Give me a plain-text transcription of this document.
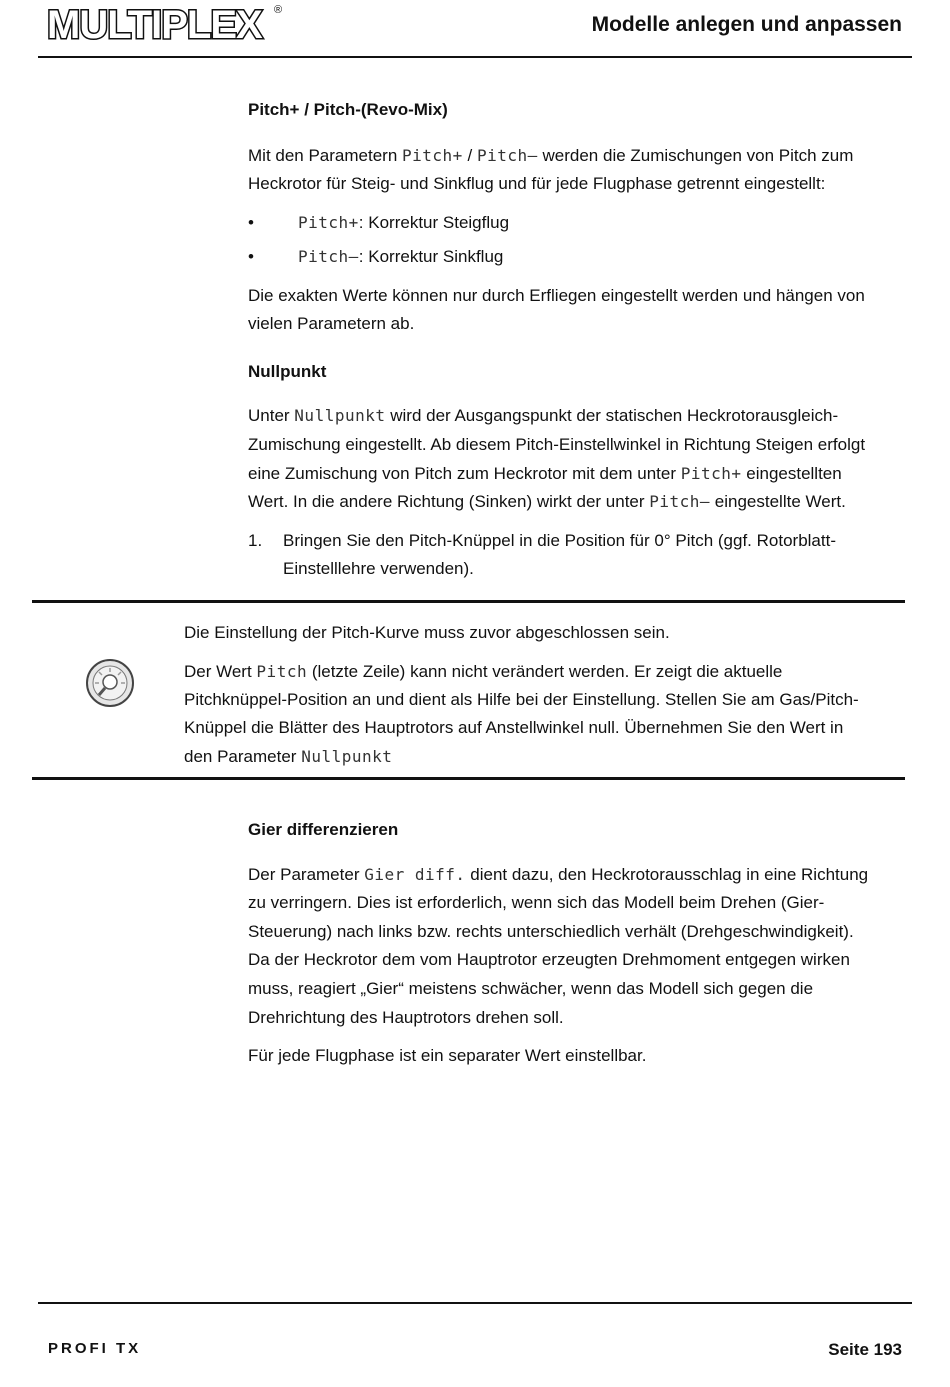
MULTIPLEX ®
Modelle anlegen und anpassen
Pitch+ / Pitch-(Revo-Mix)
Mit den Parametern Pitch+ / Pitch– werden die Zumischungen von Pitch zum
Heckrotor für Steig- und Sinkflug und für jede Flugphase getrennt eingestellt:
•	Pitch+: Korrektur Steigflug
•	Pitch–: Korrektur Sinkflug
Die exakten Werte können nur durch Erfliegen eingestellt werden und hängen von
vielen Parametern ab.
Nullpunkt
Unter Nullpunkt wird der Ausgangspunkt der statischen Heckrotorausgleich-
Zumischung eingestellt. Ab diesem Pitch-Einstellwinkel in Richtung Steigen erfolgt
eine Zumischung von Pitch zum Heckrotor mit dem unter Pitch+ eingestellten
Wert. In die andere Richtung (Sinken) wirkt der unter Pitch– eingestellte Wert.
1. Bringen Sie den Pitch-Knüppel in die Position für 0° Pitch (ggf. Rotorblatt-
Einstelllehre verwenden).
Die Einstellung der Pitch-Kurve muss zuvor abgeschlossen sein.
Der Wert Pitch (letzte Zeile) kann nicht verändert werden. Er zeigt die aktuelle
Pitchknüppel-Position an und dient als Hilfe bei der Einstellung. Stellen Sie am Gas/Pitch-
Knüppel die Blätter des Hauptrotors auf Anstellwinkel null. Übernehmen Sie den Wert in
den Parameter Nullpunkt
Gier differenzieren
Der Parameter Gier diff. dient dazu, den Heckrotorausschlag in eine Richtung
zu verringern. Dies ist erforderlich, wenn sich das Modell beim Drehen (Gier-
Steuerung) nach links bzw. rechts unterschiedlich verhält (Drehgeschwindigkeit).
Da der Heckrotor dem vom Hauptrotor erzeugten Drehmoment entgegen wirken
muss, reagiert „Gier“ meistens schwächer, wenn das Modell sich gegen die
Drehrichtung des Hauptrotors drehen soll.
Für jede Flugphase ist ein separater Wert einstellbar.
PROFI TX	Seite 193
